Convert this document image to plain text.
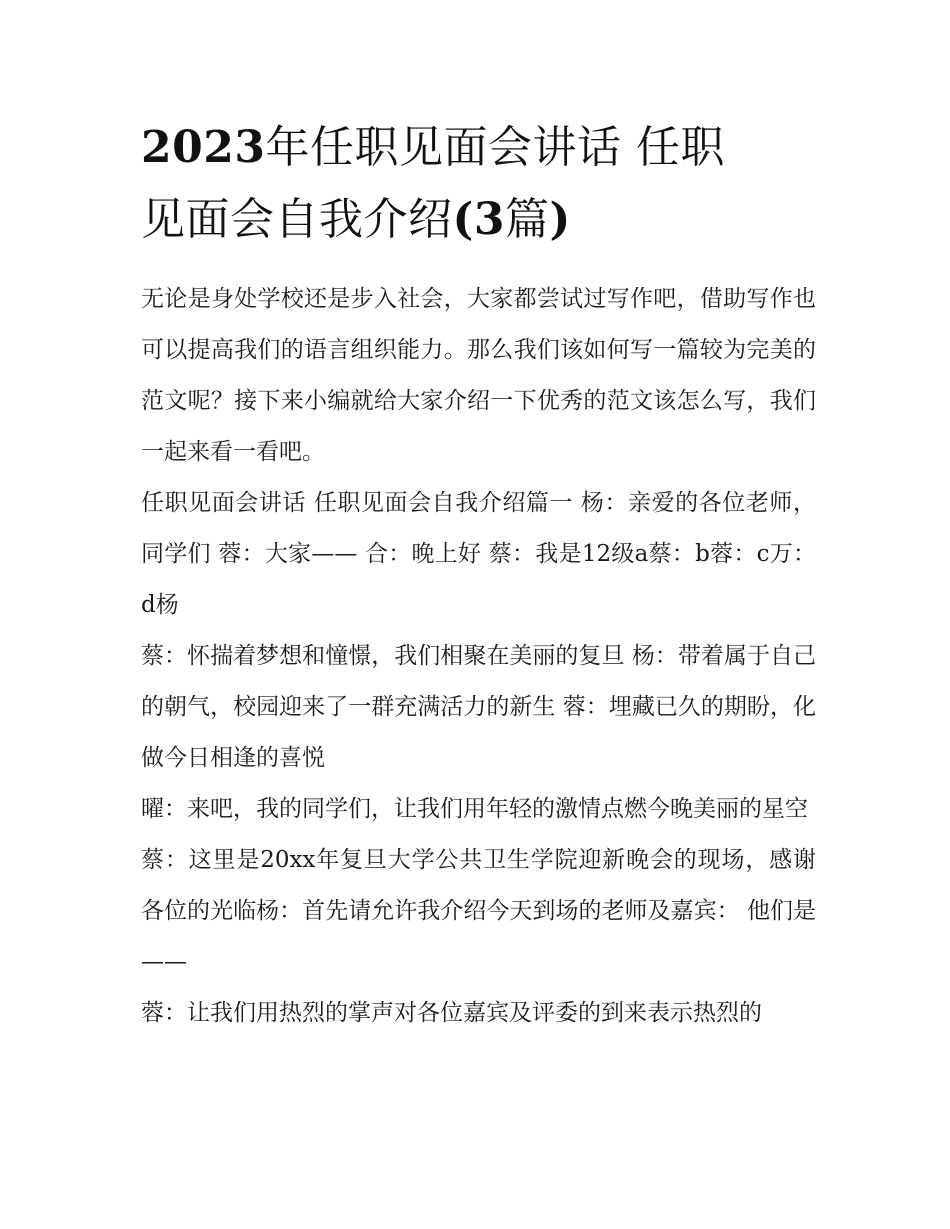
2023年任职见面会讲话 任职
见面会自我介绍(3篇)

无论是身处学校还是步入社会，大家都尝试过写作吧，借助写作也可以提高我们的语言组织能力。那么我们该如何写一篇较为完美的范文呢？接下来小编就给大家介绍一下优秀的范文该怎么写，我们一起来看一看吧。

任职见面会讲话 任职见面会自我介绍篇一 杨：亲爱的各位老师，同学们 蓉：大家—— 合：晚上好 蔡：我是12级a蔡：b蓉：c万：d杨

蔡：怀揣着梦想和憧憬，我们相聚在美丽的复旦 杨：带着属于自己的朝气，校园迎来了一群充满活力的新生 蓉：埋藏已久的期盼，化做今日相逢的喜悦

曜：来吧，我的同学们，让我们用年轻的激情点燃今晚美丽的星空

蔡：这里是20xx年复旦大学公共卫生学院迎新晚会的现场，感谢各位的光临杨：首先请允许我介绍今天到场的老师及嘉宾： 他们是——

蓉：让我们用热烈的掌声对各位嘉宾及评委的到来表示热烈的
